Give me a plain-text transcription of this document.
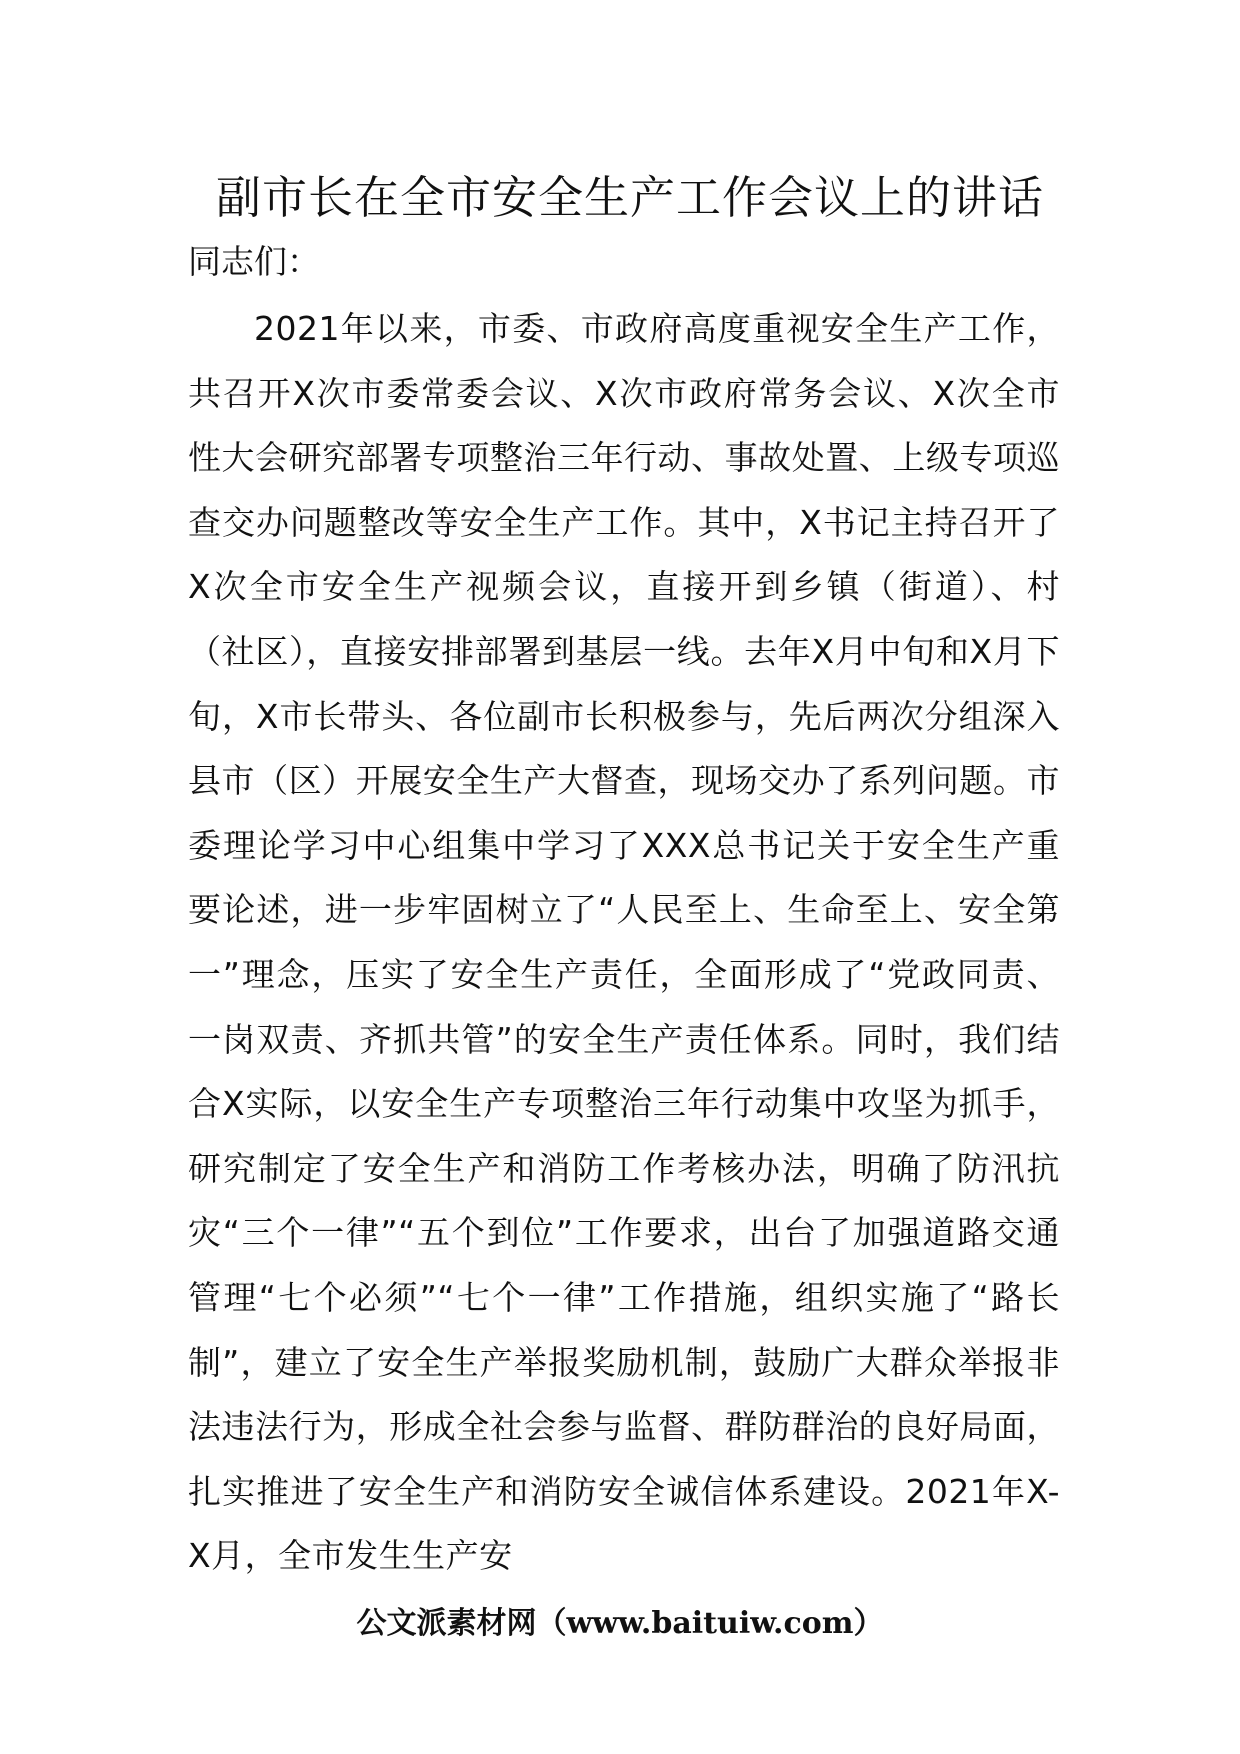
副市长在全市安全生产工作会议上的讲话

同志们：

2021年以来，市委、市政府高度重视安全生产工作，共召开X次市委常委会议、X次市政府常务会议、X次全市性大会研究部署专项整治三年行动、事故处置、上级专项巡查交办问题整改等安全生产工作。其中，X书记主持召开了X次全市安全生产视频会议，直接开到乡镇（街道）、村（社区），直接安排部署到基层一线。去年X月中旬和X月下旬，X市长带头、各位副市长积极参与，先后两次分组深入县市（区）开展安全生产大督查，现场交办了系列问题。市委理论学习中心组集中学习了XXX总书记关于安全生产重要论述，进一步牢固树立了“人民至上、生命至上、安全第一”理念，压实了安全生产责任，全面形成了“党政同责、一岗双责、齐抓共管”的安全生产责任体系。同时，我们结合X实际，以安全生产专项整治三年行动集中攻坚为抓手，研究制定了安全生产和消防工作考核办法，明确了防汛抗灾“三个一律”“五个到位”工作要求，出台了加强道路交通管理“七个必须”“七个一律”工作措施，组织实施了“路长制”，建立了安全生产举报奖励机制，鼓励广大群众举报非法违法行为，形成全社会参与监督、群防群治的良好局面，扎实推进了安全生产和消防安全诚信体系建设。2021年X-X月，全市发生生产安

公文派素材网（www.baituiw.com）
